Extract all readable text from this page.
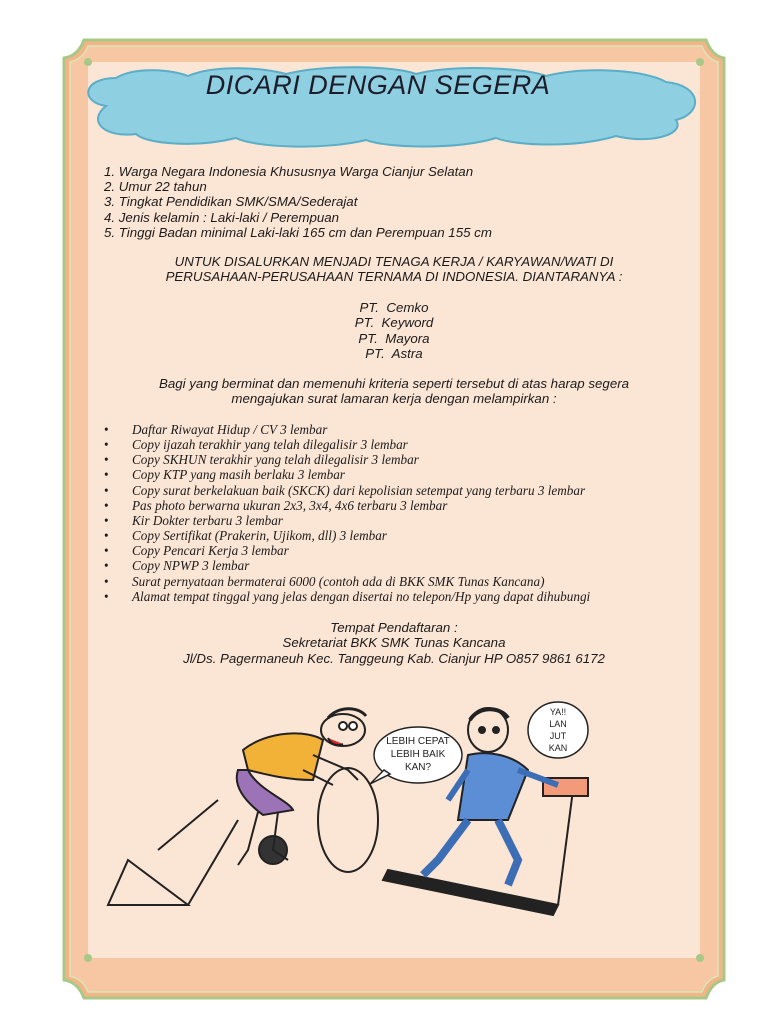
DICARI DENGAN SEGERA
1. Warga Negara Indonesia Khususnya Warga Cianjur Selatan
2. Umur 22 tahun
3. Tingkat Pendidikan SMK/SMA/Sederajat
4. Jenis kelamin : Laki-laki / Perempuan
5. Tinggi Badan minimal Laki-laki 165 cm dan Perempuan 155 cm
UNTUK DISALURKAN MENJADI TENAGA KERJA / KARYAWAN/WATI DI
PERUSAHAAN-PERUSAHAAN TERNAMA DI INDONESIA. DIANTARANYA :
PT.  Cemko
PT.  Keyword
PT.  Mayora
PT.  Astra
Bagi yang berminat dan memenuhi kriteria seperti tersebut di atas harap segera
mengajukan surat lamaran kerja dengan melampirkan :
• Daftar Riwayat Hidup / CV 3 lembar
• Copy ijazah terakhir yang telah dilegalisir 3 lembar
• Copy SKHUN terakhir yang telah dilegalisir 3 lembar
• Copy KTP yang masih berlaku 3 lembar
• Copy surat berkelakuan baik (SKCK) dari kepolisian setempat yang terbaru 3 lembar
• Pas photo berwarna ukuran 2x3, 3x4, 4x6 terbaru 3 lembar
• Kir Dokter terbaru 3 lembar
• Copy Sertifikat (Prakerin, Ujikom, dll) 3 lembar
• Copy Pencari Kerja 3 lembar
• Copy NPWP 3 lembar
• Surat pernyataan bermaterai 6000 (contoh ada di BKK SMK Tunas Kancana)
• Alamat tempat tinggal yang jelas dengan disertai no telepon/Hp yang dapat dihubungi
Tempat Pendaftaran :
Sekretariat BKK SMK Tunas Kancana
Jl/Ds. Pagermaneuh Kec. Tanggeung Kab. Cianjur HP O857 9861 6172
LEBIH CEPAT
LEBIH BAIK
KAN?
YA!!
LAN
JUT
KAN
